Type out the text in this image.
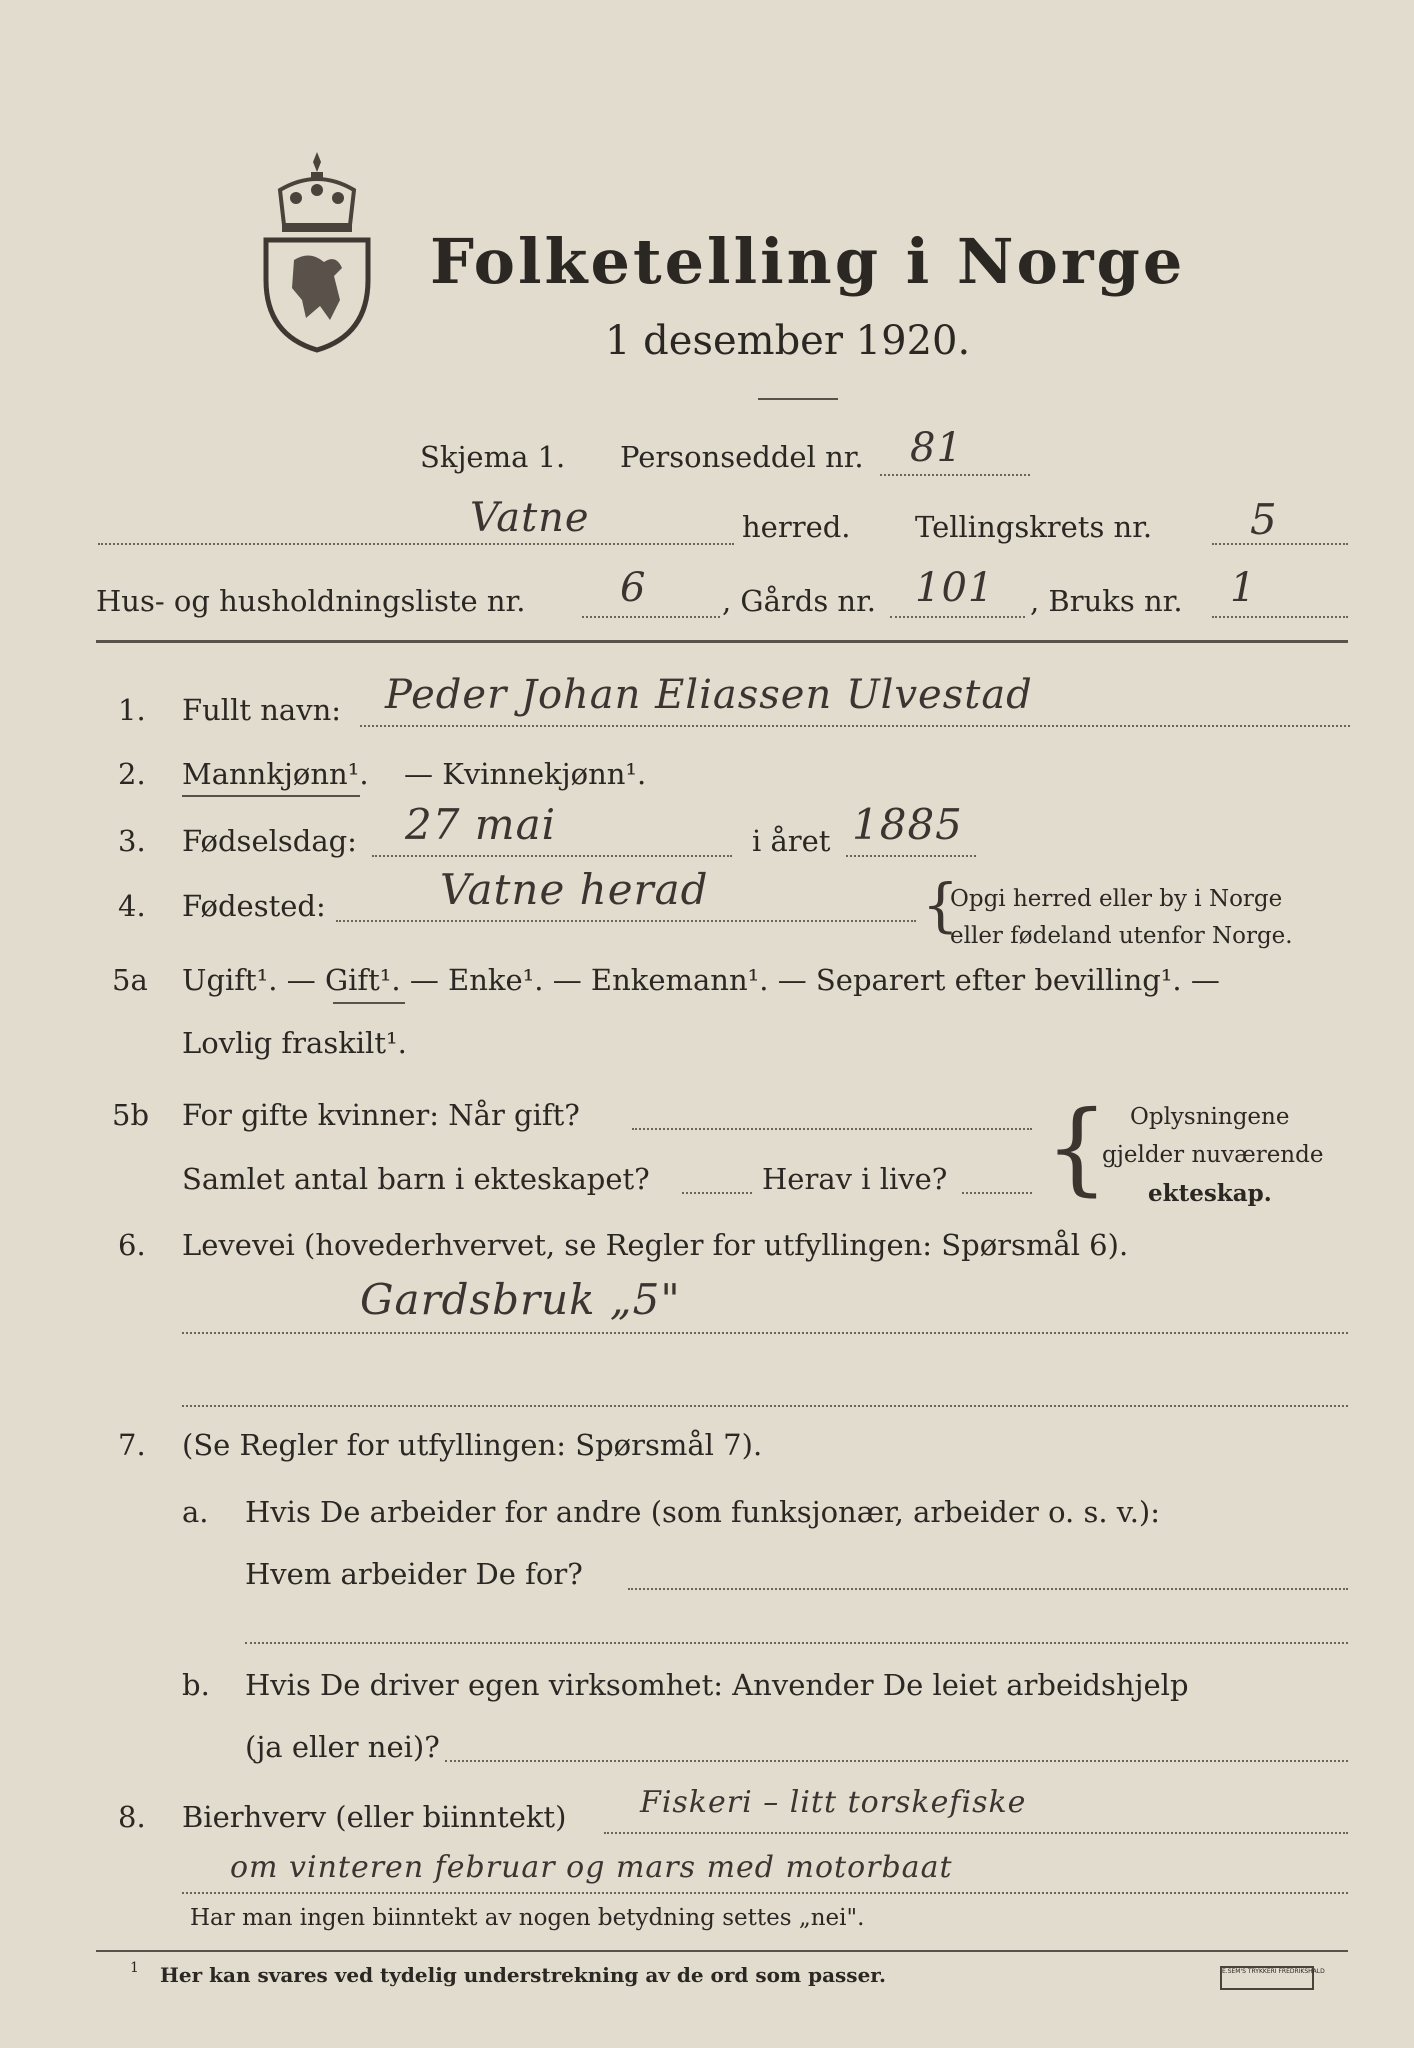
Folketelling i Norge
1 desember 1920.
Skjema 1. Personseddel nr. 81
Vatne	herred. Tellingskrets nr. 5
Hus- og husholdningsliste nr. 6	, Gårds nr. 101 , Bruks nr. 1
1. Fullt navn: Peder Johan Eliassen Ulvestad
2. Mannkjønn¹. — Kvinnekjønn¹.
3. Fødselsdag: 27 mai	i året 1885
4. Fødested:	Vatne herad	{
Opgi herred eller by i Norge
eller fødeland utenfor Norge.
5a Ugift¹. — Gift¹. — Enke¹. — Enkemann¹. — Separert efter bevilling¹. —
Lovlig fraskilt¹.
5b For gifte kvinner: Når gift?
Samlet antal barn i ekteskapet?	Herav i live? { Oplysningene
gjelder nuværende
ekteskap.
6. Levevei (hovederhvervet, se Regler for utfyllingen: Spørsmål 6).
Gardsbruk „5"
7. (Se Regler for utfyllingen: Spørsmål 7).
a. Hvis De arbeider for andre (som funksjonær, arbeider o. s. v.):
Hvem arbeider De for?
b. Hvis De driver egen virksomhet: Anvender De leiet arbeidshjelp
(ja eller nei)?
8. Bierhverv (eller biinntekt) Fiskeri – litt torskefiske
om vinteren februar og mars med motorbaat
Har man ingen biinntekt av nogen betydning settes „nei".
1 Her kan svares ved tydelig understrekning av de ord som passer.	E.SEM'S TRYKKERI FREDRIKSHALD
